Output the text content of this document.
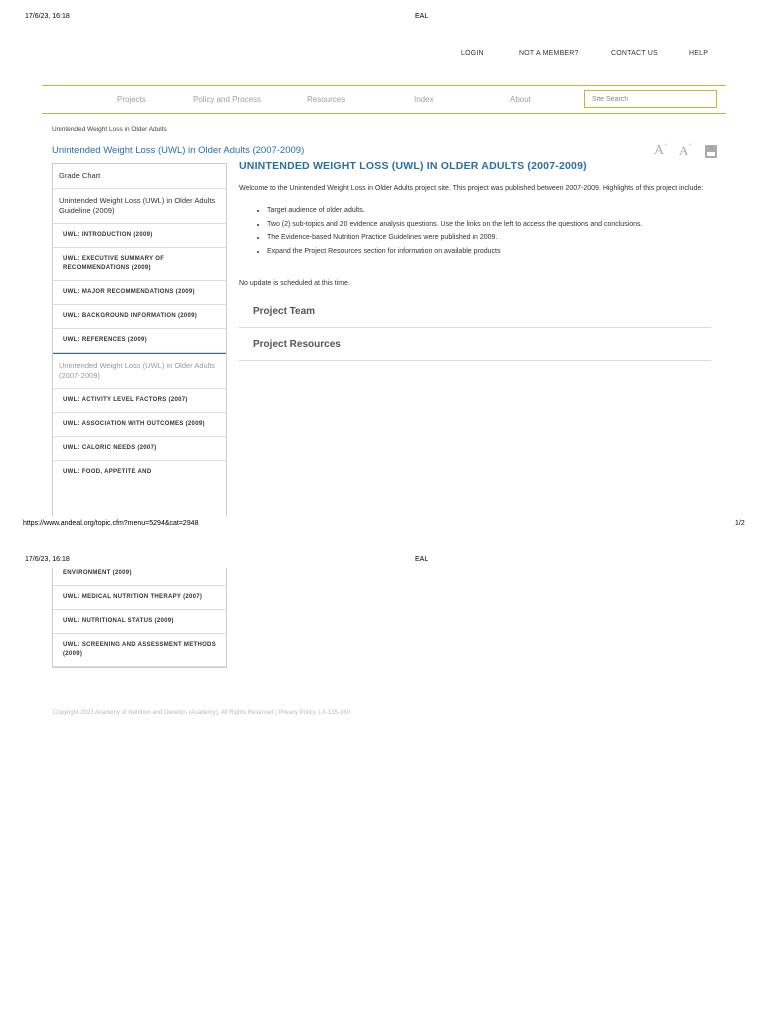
17/6/23, 16:18	EAL
LOGIN	NOT A MEMBER?	CONTACT US	HELP
Projects	Policy and Process	Resources	Index	About
Site Search
Unintended Weight Loss in Older Adults
Unintended Weight Loss (UWL) in Older Adults (2007-2009)	A+ A+
Grade Chart
Unintended Weight Loss (UWL) in Older Adults Guideline (2009)
UWL: INTRODUCTION (2009)
UWL: EXECUTIVE SUMMARY OF RECOMMENDATIONS (2009)
UWL: MAJOR RECOMMENDATIONS (2009)
UWL: BACKGROUND INFORMATION (2009)
UWL: REFERENCES (2009)
Unintended Weight Loss (UWL) in Older Adults (2007-2009)
UWL: ACTIVITY LEVEL FACTORS (2007)
UWL: ASSOCIATION WITH OUTCOMES (2009)
UWL: CALORIC NEEDS (2007)
UWL: FOOD, APPETITE AND
UNINTENDED WEIGHT LOSS (UWL) IN OLDER ADULTS (2007-2009)

Welcome to the Unintended Weight Loss in Older Adults project site. This project was published between 2007-2009. Highlights of this project include:

• Target audience of older adults.
• Two (2) sub-topics and 20 evidence analysis questions. Use the links on the left to access the questions and conclusions.
• The Evidence-based Nutrition Practice Guidelines were published in 2009.
• Expand the Project Resources section for information on available products

No update is scheduled at this time.

Project Team
Project Resources
https://www.andeal.org/topic.cfm?menu=5294&cat=2948	1/2
17/6/23, 16:18	EAL
ENVIRONMENT (2009)
UWL: MEDICAL NUTRITION THERAPY (2007)
UWL: NUTRITIONAL STATUS (2009)
UWL: SCREENING AND ASSESSMENT METHODS (2009)
Copyright 2023 Academy of Nutrition and Dietetics (Academy), All Rights Reserved | Privacy Policy, LX-135-160
